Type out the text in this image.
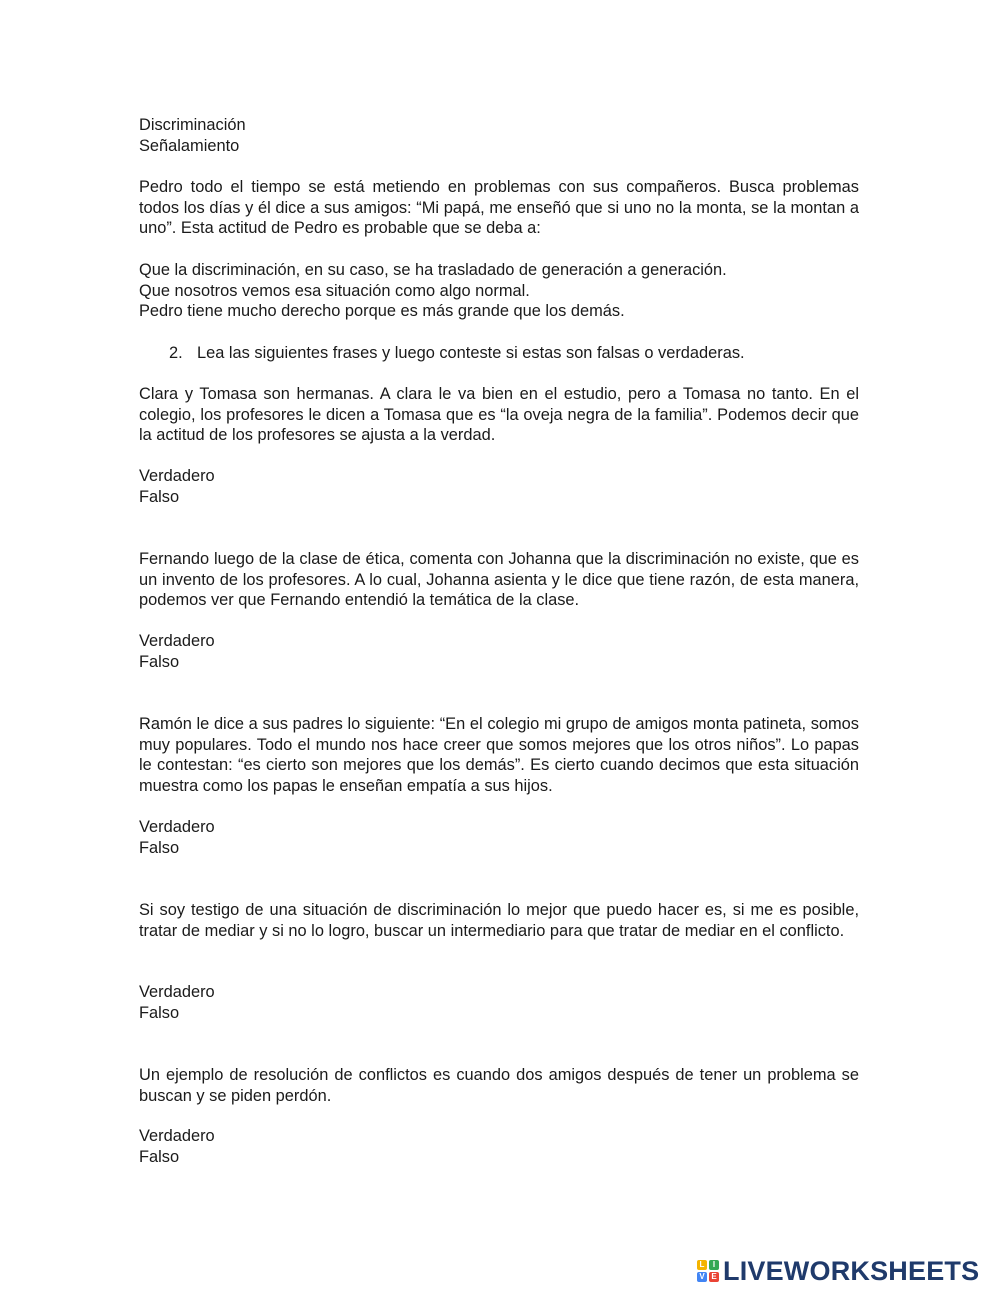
Discriminación

Señalamiento

Pedro todo el tiempo se está metiendo en problemas con sus compañeros. Busca problemas todos los días y él dice a sus amigos: “Mi papá, me enseñó que si uno no la monta, se la montan a uno”. Esta actitud de Pedro es probable que se deba a:

Que la discriminación, en su caso, se ha trasladado de generación a generación.
Que nosotros vemos esa situación como algo normal.
Pedro tiene mucho derecho porque es más grande que los demás.
2. Lea las siguientes frases y luego conteste si estas son falsas o verdaderas.

Clara y Tomasa son hermanas. A clara le va bien en el estudio, pero a Tomasa no tanto. En el colegio, los profesores le dicen a Tomasa que es “la oveja negra de la familia”. Podemos decir que la actitud de los profesores se ajusta a la verdad.

Verdadero
Falso

Fernando luego de la clase de ética, comenta con Johanna que la discriminación no existe, que es un invento de los profesores. A lo cual, Johanna asienta y le dice que tiene razón, de esta manera, podemos ver que Fernando entendió la temática de la clase.

Verdadero
Falso

Ramón le dice a sus padres lo siguiente: “En el colegio mi grupo de amigos monta patineta, somos muy populares. Todo el mundo nos hace creer que somos mejores que los otros niños”. Lo papas le contestan: “es cierto son mejores que los demás”. Es cierto cuando decimos que esta situación muestra como los papas le enseñan empatía a sus hijos.

Verdadero
Falso

Si soy testigo de una situación de discriminación lo mejor que puedo hacer es, si me es posible, tratar de mediar y si no lo logro, buscar un intermediario para que tratar de mediar en el conflicto.

Verdadero
Falso

Un ejemplo de resolución de conflictos es cuando dos amigos después de tener un problema se buscan y se piden perdón.

Verdadero
Falso
L	I
V E LIVEWORKSHEETS
